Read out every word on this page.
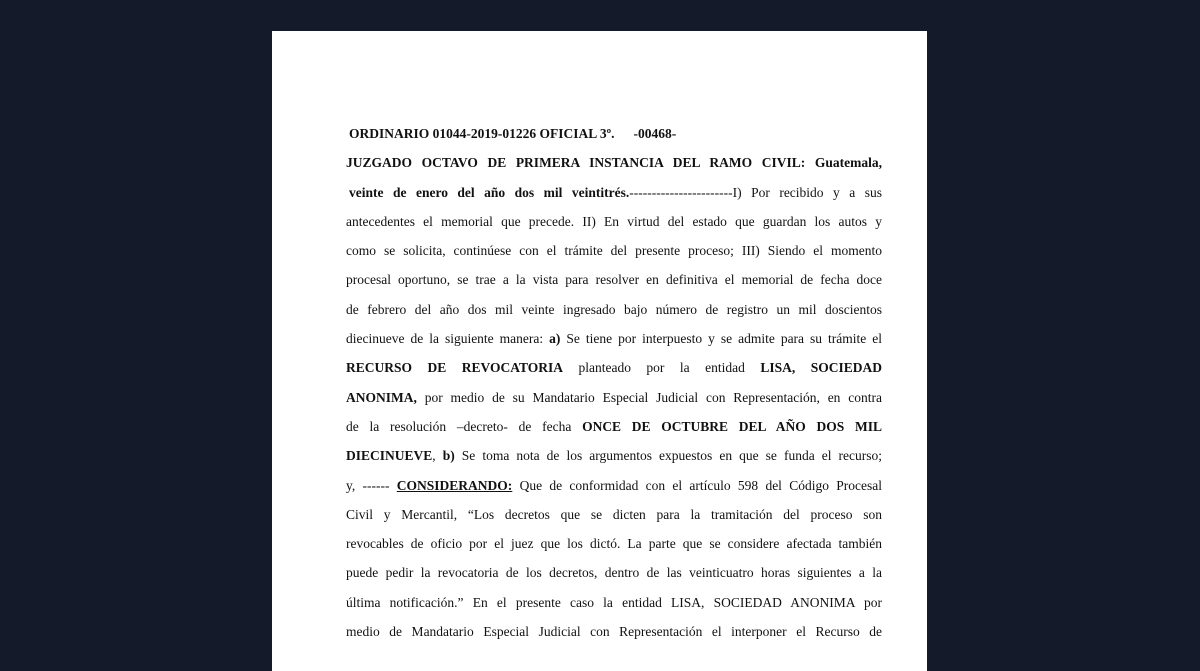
ORDINARIO 01044-2019-01226 OFICIAL 3º. -00468-
JUZGADO OCTAVO DE PRIMERA INSTANCIA DEL RAMO CIVIL: Guatemala,
veinte de enero del año dos mil veintitrés.-----------------------I) Por recibido y a sus
antecedentes el memorial que precede. II) En virtud del estado que guardan los autos y
como se solicita, continúese con el trámite del presente proceso; III) Siendo el momento
procesal oportuno, se trae a la vista para resolver en definitiva el memorial de fecha doce
de febrero del año dos mil veinte ingresado bajo número de registro un mil doscientos
diecinueve de la siguiente manera: a) Se tiene por interpuesto y se admite para su trámite el
RECURSO DE REVOCATORIA planteado por la entidad LISA, SOCIEDAD
ANONIMA, por medio de su Mandatario Especial Judicial con Representación, en contra
de la resolución –decreto- de fecha ONCE DE OCTUBRE DEL AÑO DOS MIL
DIECINUEVE, b) Se toma nota de los argumentos expuestos en que se funda el recurso;
y, ------ CONSIDERANDO: Que de conformidad con el artículo 598 del Código Procesal
Civil y Mercantil, “Los decretos que se dicten para la tramitación del proceso son
revocables de oficio por el juez que los dictó. La parte que se considere afectada también
puede pedir la revocatoria de los decretos, dentro de las veinticuatro horas siguientes a la
última notificación.” En el presente caso la entidad LISA, SOCIEDAD ANONIMA por
medio de Mandatario Especial Judicial con Representación el interponer el Recurso de
